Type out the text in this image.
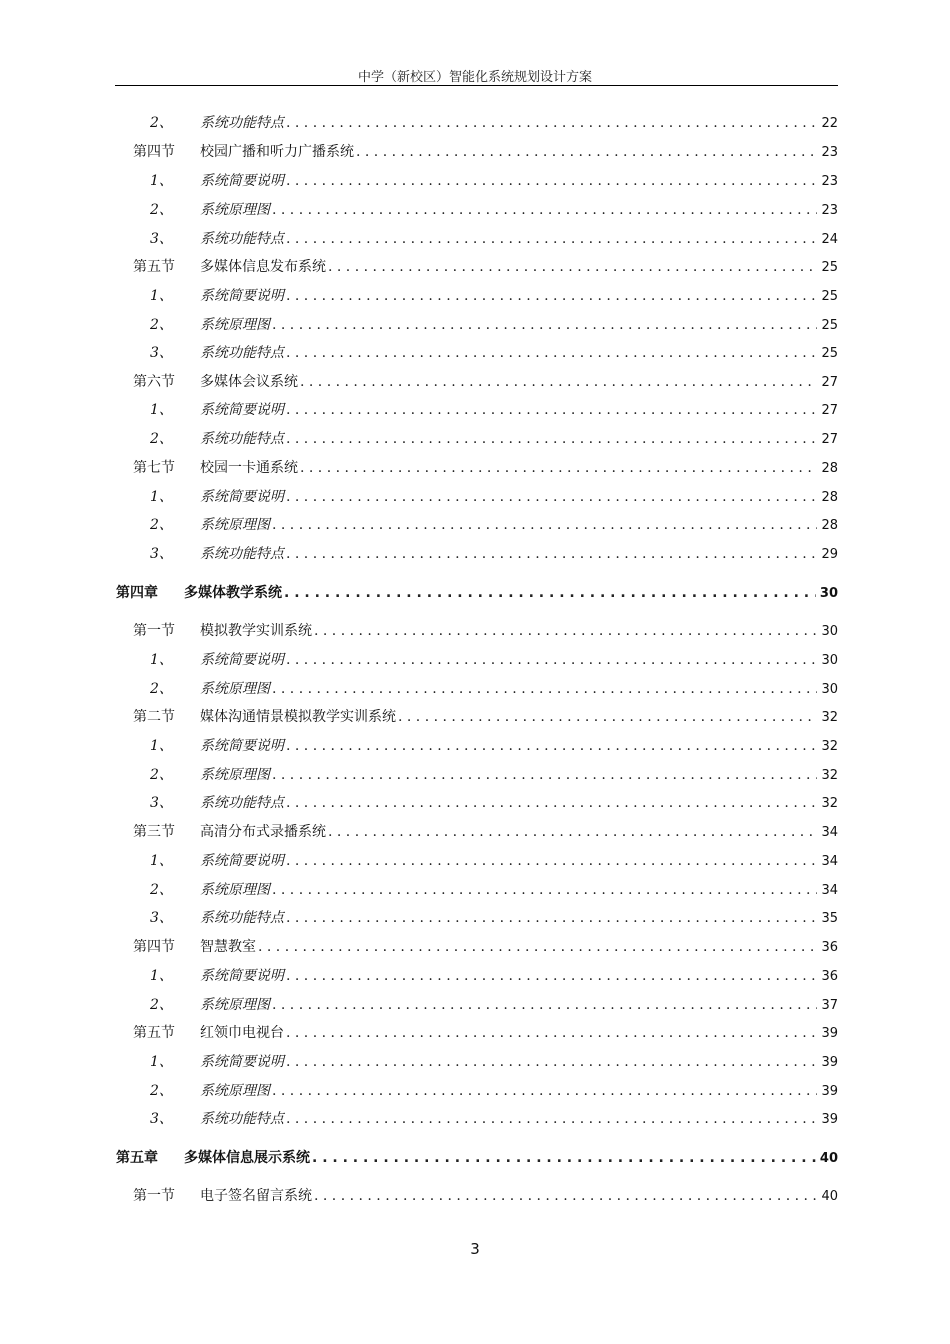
中学（新校区）智能化系统规划设计方案
2、	系统功能特点 . . .	22
第四节	校园广播和听力广播系统 . . .	23
1、	系统简要说明 . . .	23
2、	系统原理图 . . .	23
3、	系统功能特点 . . .	24
第五节	多媒体信息发布系统 . . .	25
1、	系统简要说明 . . .	25
2、	系统原理图 . . .	25
3、	系统功能特点 . . .	25
第六节	多媒体会议系统 . . .	27
1、	系统简要说明 . . .	27
2、	系统功能特点 . . .	27
第七节	校园一卡通系统 . . .	28
1、	系统简要说明 . . .	28
2、	系统原理图 . . .	28
3、	系统功能特点 . . .	29
第四章	多媒体教学系统 . . .	30
第一节	模拟教学实训系统 . . .	30
1、	系统简要说明 . . .	30
2、	系统原理图 . . .	30
第二节	媒体沟通情景模拟教学实训系统 . . .	32
1、	系统简要说明 . . .	32
2、	系统原理图 . . .	32
3、	系统功能特点 . . .	32
第三节	高清分布式录播系统 . . .	34
1、	系统简要说明 . . .	34
2、	系统原理图 . . .	34
3、	系统功能特点 . . .	35
第四节	智慧教室 . . .	36
1、	系统简要说明 . . .	36
2、	系统原理图 . . .	37
第五节	红领巾电视台 . . .	39
1、	系统简要说明 . . .	39
2、	系统原理图 . . .	39
3、	系统功能特点 . . .	39
第五章	多媒体信息展示系统 . . .	40
第一节	电子签名留言系统 . . .	40
3
